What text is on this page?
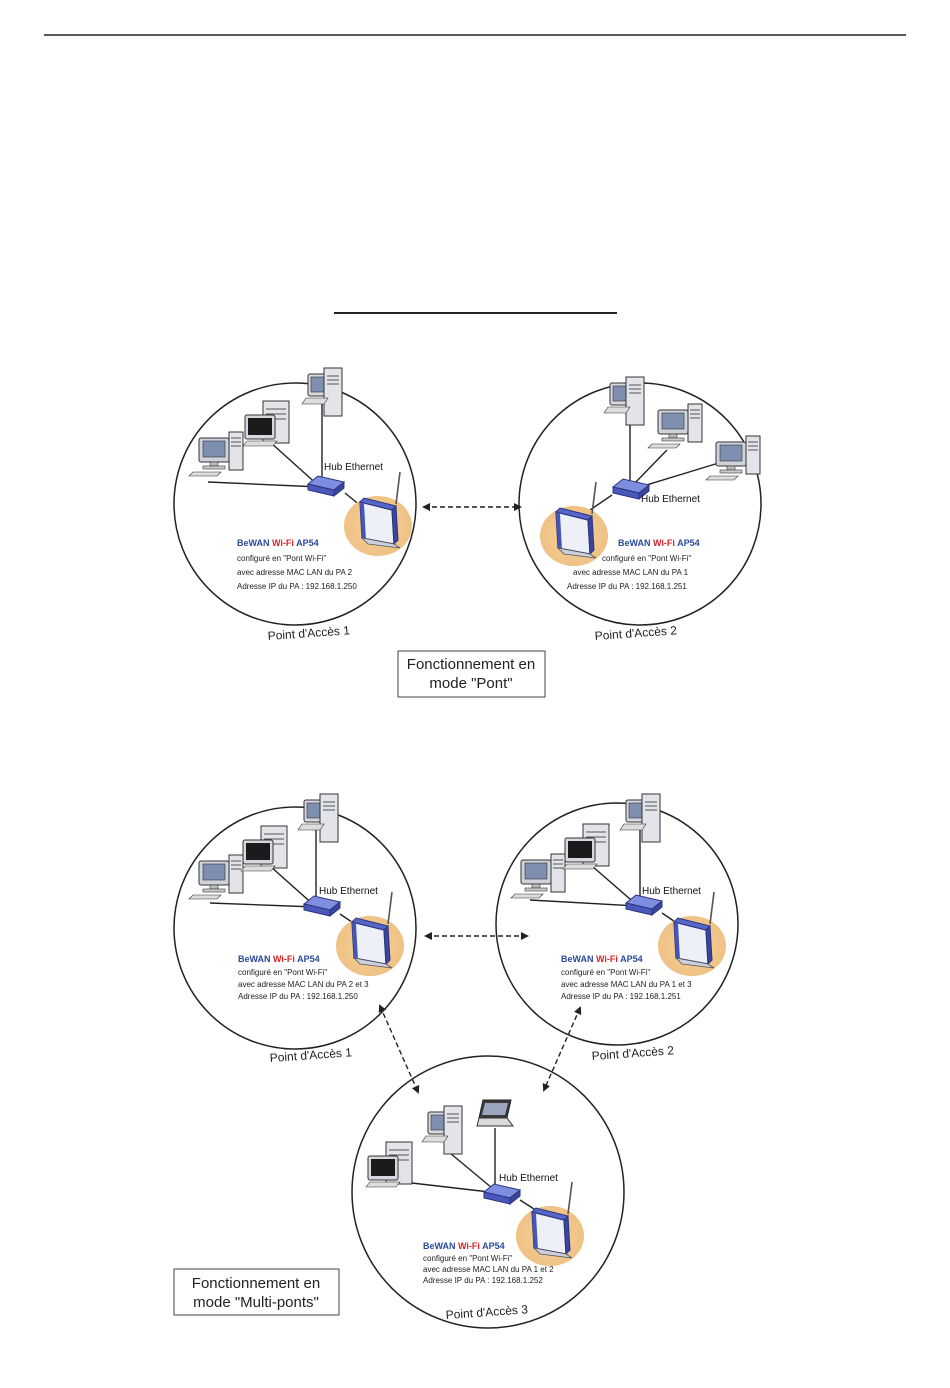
Hub Ethernet
BeWAN Wi-Fi AP54
configuré en "Pont Wi-Fi"
avec adresse MAC LAN du PA 2
Adresse IP du PA : 192.168.1.250
Point d'Accès 1
Hub Ethernet
BeWAN Wi-Fi AP54
configuré en "Pont Wi-Fi"
avec adresse MAC LAN du PA 1
Adresse IP du PA : 192.168.1.251
Point d'Accès 2
Fonctionnement en
mode "Pont"
Hub Ethernet
BeWAN Wi-Fi AP54
configuré en "Pont Wi-Fi"
avec adresse MAC LAN du PA 2 et 3
Adresse IP du PA : 192.168.1.250
Point d'Accès 1
Hub Ethernet
BeWAN Wi-Fi AP54
configuré en "Pont Wi-Fi"
avec adresse MAC LAN du PA 1 et 3
Adresse IP du PA : 192.168.1.251
Point d'Accès 2
Hub Ethernet
BeWAN Wi-Fi AP54
configuré en "Pont Wi-Fi"
avec adresse MAC LAN du PA 1 et 2
Adresse IP du PA : 192.168.1.252
Point d'Accès 3
Fonctionnement en
mode "Multi-ponts"
